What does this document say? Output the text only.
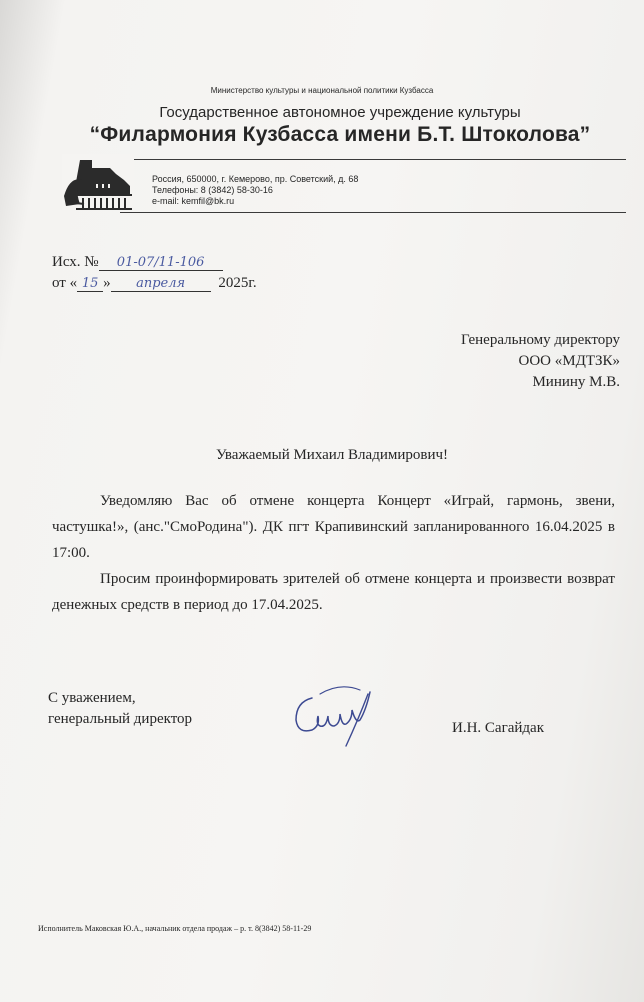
Министерство культуры и национальной политики Кузбасса
Государственное автономное учреждение культуры
“Филармония Кузбасса имени Б.Т. Штоколова”
Россия, 650000, г. Кемерово, пр. Советский, д. 68
Телефоны: 8 (3842) 58-30-16
e-mail: kemfil@bk.ru
Исх. № 01-07/11-106
от « 15 » апреля 2025г.
Генеральному директору
ООО «МДТЗК»
Минину М.В.
Уважаемый Михаил Владимирович!

Уведомляю Вас об отмене концерта Концерт «Играй, гармонь, звени, частушка!», (анс."СмоРодина"). ДК пгт Крапивинский запланированного 16.04.2025 в 17:00.

Просим проинформировать зрителей об отмене концерта и произвести возврат денежных средств в период до 17.04.2025.

С уважением,
генеральный директор
И.Н. Сагайдак
Исполнитель Маковская Ю.А., начальник отдела продаж – р. т. 8(3842) 58-11-29
